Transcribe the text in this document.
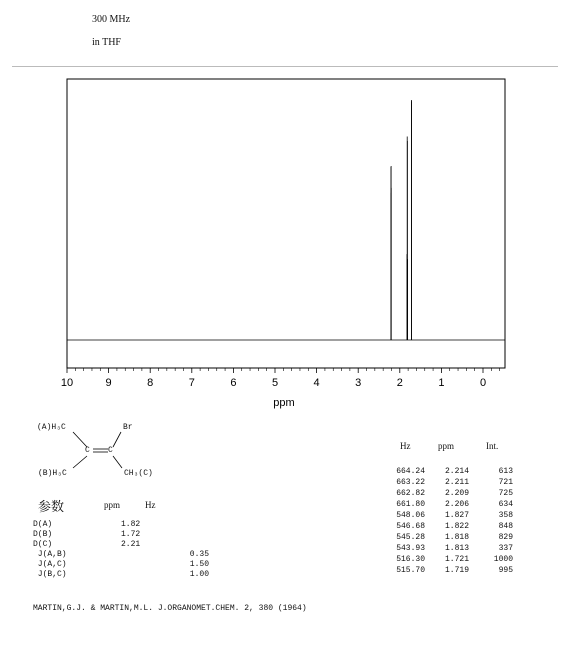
300 MHz
in THF
10	9	8	7	6	5	4	3	2	1	0
ppm
(A)H₃C
(B)H₃C
Br
CH₃(C)
C C
参数	ppm	Hz
D(A)	1.82	
D(B)	1.72	
D(C)	2.21	
J(A,B)		0.35
J(A,C)		1.50
J(B,C)		1.00
Hz	ppm	Int.
664.24	2.214	613
663.22	2.211	721
662.82	2.209	725
661.80	2.206	634
548.06	1.827	358
546.68	1.822	848
545.28	1.818	829
543.93	1.813	337
516.30	1.721	1000
515.70	1.719	995
MARTIN,G.J. & MARTIN,M.L. J.ORGANOMET.CHEM. 2, 380 (1964)
